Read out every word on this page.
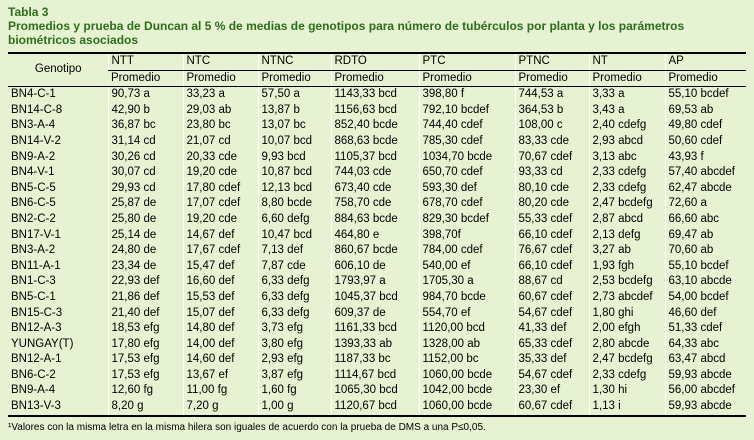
Tabla 3
Promedios y prueba de Duncan al 5 % de medias de genotipos para número de tubérculos por planta y los parámetros biométricos asociados
Genotipo	NTT	NTC	NTNC	RDTO	PTC	PTNC	NT	AP
	Promedio	Promedio	Promedio	Promedio	Promedio	Promedio	Promedio	Promedio
BN4-C-1	90,73 a	33,23 a	57,50 a	1143,33 bcd	398,80 f	744,53 a	3,33 a	55,10 bcdef
BN14-C-8	42,90 b	29,03 ab	13,87 b	1156,63 bcd	792,10 bcdef	364,53 b	3,43 a	69,53 ab
BN3-A-4	36,87 bc	23,80 bc	13,07 bc	852,40 bcde	744,40 cdef	108,00 c	2,40 cdefg	49,80 cdef
BN14-V-2	31,14 cd	21,07 cd	10,07 bcd	868,63 bcde	785,30 cdef	83,33 cde	2,93 abcd	50,60 cdef
BN9-A-2	30,26 cd	20,33 cde	9,93 bcd	1105,37 bcd	1034,70 bcde	70,67 cdef	3,13 abc	43,93 f
BN4-V-1	30,07 cd	19,20 cde	10,87 bcd	744,03 cde	650,70 cdef	93,33 cd	2,33 cdefg	57,40 abcdef
BN5-C-5	29,93 cd	17,80 cdef	12,13 bcd	673,40 cde	593,30 def	80,10 cde	2,33 cdefg	62,47 abcde
BN6-C-5	25,87 de	17,07 cdef	8,80 bcde	758,70 cde	678,70 cdef	80,20 cde	2,47 bcdefg	72,60 a
BN2-C-2	25,80 de	19,20 cde	6,60 defg	884,63 bcde	829,30 bcdef	55,33 cdef	2,87 abcd	66,60 abc
BN17-V-1	25,14 de	14,67 def	10,47 bcd	464,80 e	398,70f	66,10 cdef	2,13 defg	69,47 ab
BN3-A-2	24,80 de	17,67 cdef	7,13 def	860,67 bcde	784,00 cdef	76,67 cdef	3,27 ab	70,60 ab
BN11-A-1	23,34 de	15,47 def	7,87 cde	606,10 de	540,00 ef	66,10 cdef	1,93 fgh	55,10 bcdef
BN1-C-3	22,93 def	16,60 def	6,33 defg	1793,97 a	1705,30 a	88,67 cd	2,53 bcdefg	63,10 abcde
BN5-C-1	21,86 def	15,53 def	6,33 defg	1045,37 bcd	984,70 bcde	60,67 cdef	2,73 abcdef	54,00 bcdef
BN15-C-3	21,40 def	15,07 def	6,33 defg	609,37 de	554,70 ef	54,67 cdef	1,80 ghi	46,60 def
BN12-A-3	18,53 efg	14,80 def	3,73 efg	1161,33 bcd	1120,00 bcd	41,33 def	2,00 efgh	51,33 cdef
YUNGAY(T)	17,80 efg	14,00 def	3,80 efg	1393,33 ab	1328,00 ab	65,33 cdef	2,80 abcde	64,33 abc
BN12-A-1	17,53 efg	14,60 def	2,93 efg	1187,33 bc	1152,00 bc	35,33 def	2,47 bcdefg	63,47 abcd
BN6-C-2	17,53 efg	13,67 ef	3,87 efg	1114,67 bcd	1060,00 bcde	54,67 cdef	2,33 cdefg	59,93 abcde
BN9-A-4	12,60 fg	11,00 fg	1,60 fg	1065,30 bcd	1042,00 bcde	23,30 ef	1,30 hi	56,00 abcdef
BN13-V-3	8,20 g	7,20 g	1,00 g	1120,67 bcd	1060,00 bcde	60,67 cdef	1,13 i	59,93 abcde
¹Valores con la misma letra en la misma hilera son iguales de acuerdo con la prueba de DMS a una P≤0,05.
